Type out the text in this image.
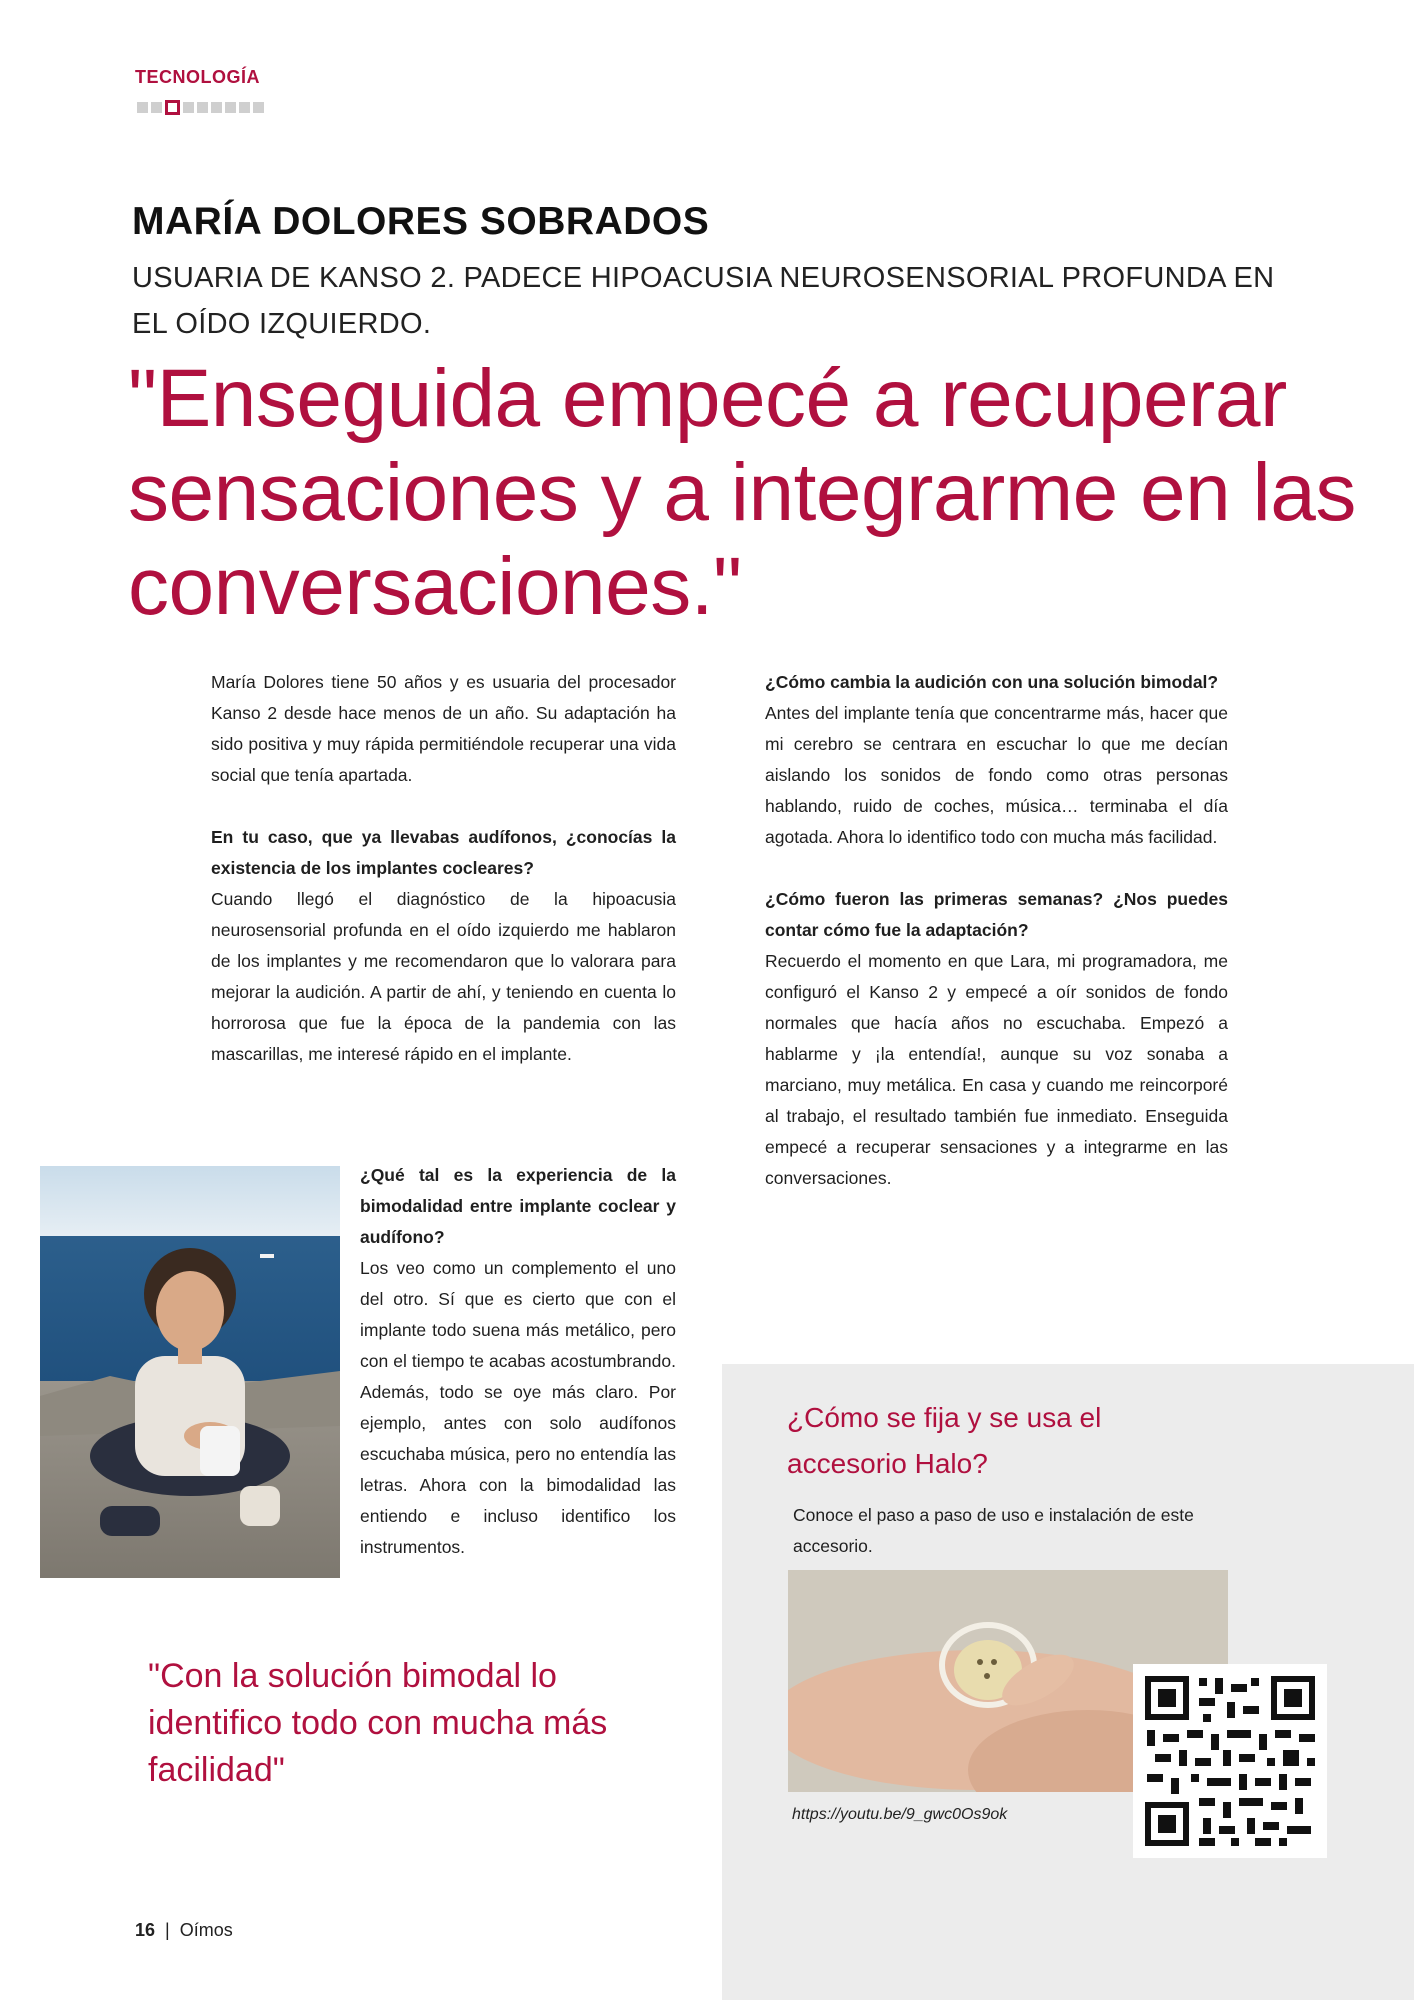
TECNOLOGÍA
MARÍA DOLORES SOBRADOS
USUARIA DE KANSO 2. PADECE HIPOACUSIA NEUROSENSORIAL PROFUNDA EN EL OÍDO IZQUIERDO.
"Enseguida empecé a recuperar sensaciones y a integrarme en las conversaciones."

María Dolores tiene 50 años y es usuaria del procesador Kanso 2 desde hace menos de un año. Su adaptación ha sido positiva y muy rápida permitiéndole recuperar una vida social que tenía apartada.

En tu caso, que ya llevabas audífonos, ¿conocías la existencia de los implantes cocleares?

Cuando llegó el diagnóstico de la hipoacusia neurosensorial profunda en el oído izquierdo me hablaron de los implantes y me recomendaron que lo valorara para mejorar la audición. A partir de ahí, y teniendo en cuenta lo horrorosa que fue la época de la pandemia con las mascarillas, me interesé rápido en el implante.

¿Qué tal es la experiencia de la bimodalidad entre implante coclear y audífono?

Los veo como un complemento el uno del otro. Sí que es cierto que con el implante todo suena más metálico, pero con el tiempo te acabas acostumbrando. Además, todo se oye más claro. Por ejemplo, antes con solo audífonos escuchaba música, pero no entendía las letras. Ahora con la bimodalidad las entiendo e incluso identifico los instrumentos.

¿Cómo cambia la audición con una solución bimodal?

Antes del implante tenía que concentrarme más, hacer que mi cerebro se centrara en escuchar lo que me decían aislando los sonidos de fondo como otras personas hablando, ruido de coches, música… terminaba el día agotada. Ahora lo identifico todo con mucha más facilidad.

¿Cómo fueron las primeras semanas? ¿Nos puedes contar cómo fue la adaptación?

Recuerdo el momento en que Lara, mi programadora, me configuró el Kanso 2 y empecé a oír sonidos de fondo normales que hacía años no escuchaba. Empezó a hablarme y ¡la entendía!, aunque su voz sonaba a marciano, muy metálica. En casa y cuando me reincorporé al trabajo, el resultado también fue inmediato. Enseguida empecé a recuperar sensaciones y a integrarme en las conversaciones.

"Con la solución bimodal lo identifico todo con mucha más facilidad"
¿Cómo se fija y se usa el accesorio Halo?
Conoce el paso a paso de uso e instalación de este accesorio.
https://youtu.be/9_gwc0Os9ok
16 | Oímos
